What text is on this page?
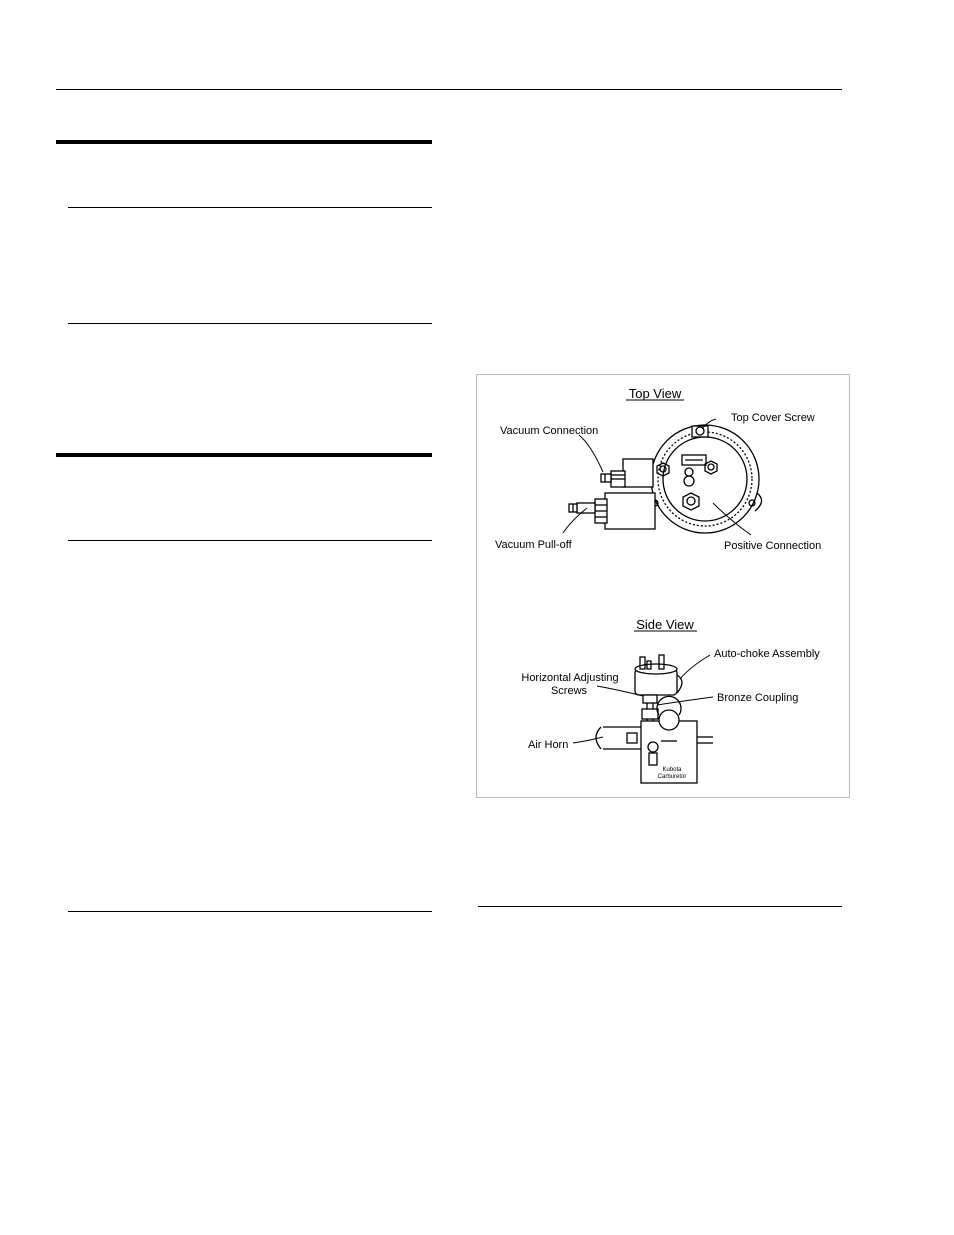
Top View
Top Cover Screw
Vacuum Connection
Vacuum Pull-off	Positive Connection
Side View
Auto-choke Assembly
Horizontal Adjusting
Screws
Bronze Coupling
Air Horn
Kubota
Carburetor
